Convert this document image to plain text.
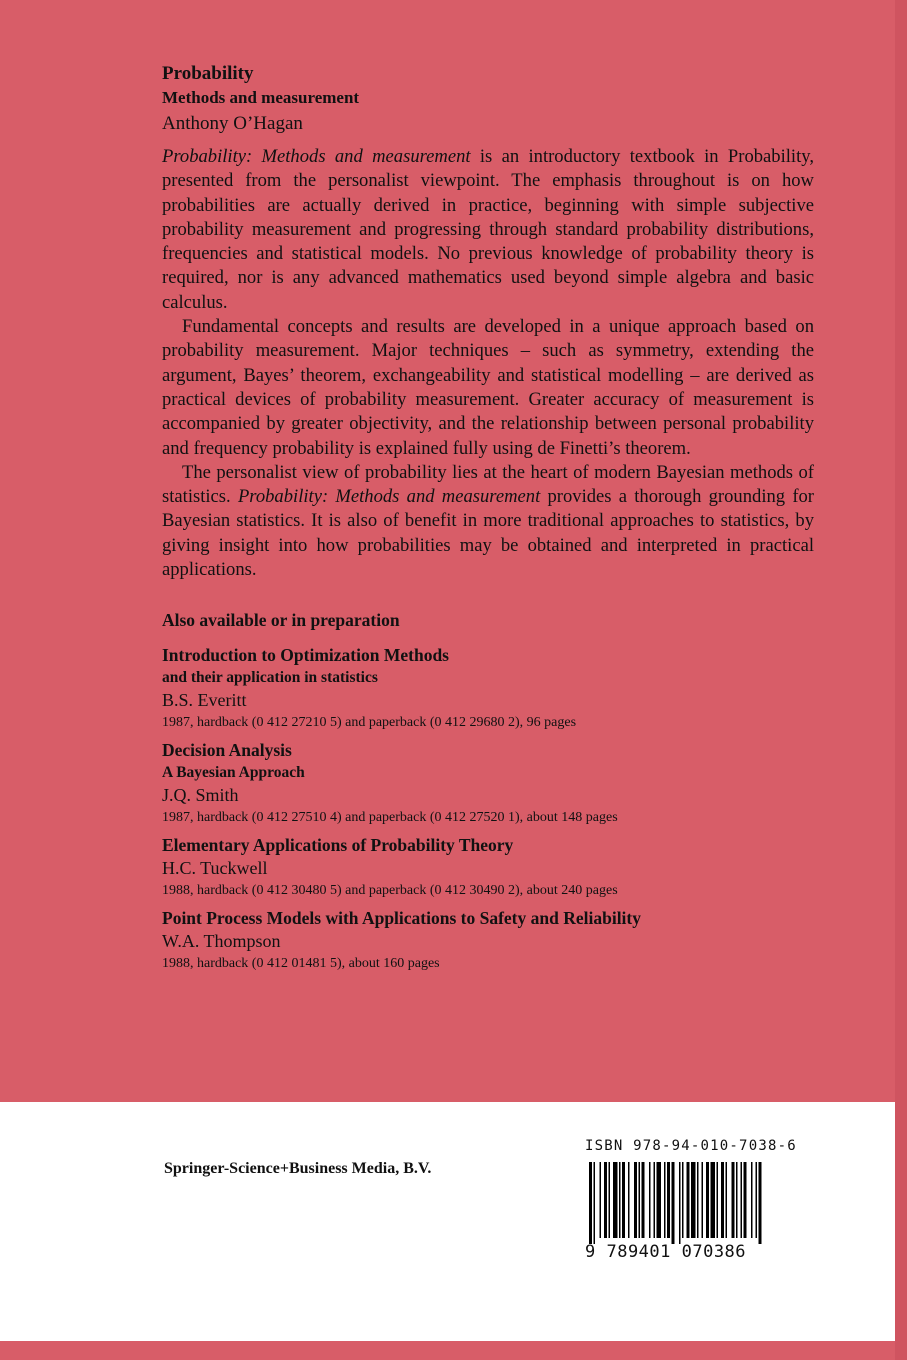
Probability
Methods and measurement
Anthony O’Hagan

Probability: Methods and measurement is an introductory textbook in Probability, presented from the personalist viewpoint. The emphasis throughout is on how probabilities are actually derived in practice, beginning with simple subjective probability measurement and progressing through standard probability distributions, frequencies and statistical models. No previous knowledge of probability theory is required, nor is any advanced mathematics used beyond simple algebra and basic calculus.

Fundamental concepts and results are developed in a unique approach based on probability measurement. Major techniques – such as symmetry, extending the argument, Bayes’ theorem, exchangeability and statistical modelling – are derived as practical devices of probability measurement. Greater accuracy of measurement is accompanied by greater objectivity, and the relationship between personal probability and frequency probability is explained fully using de Finetti’s theorem.

The personalist view of probability lies at the heart of modern Bayesian methods of statistics. Probability: Methods and measurement provides a thorough grounding for Bayesian statistics. It is also of benefit in more traditional approaches to statistics, by giving insight into how probabilities may be obtained and interpreted in practical applications.

Also available or in preparation
Introduction to Optimization Methods
and their application in statistics
B.S. Everitt
1987, hardback (0 412 27210 5) and paperback (0 412 29680 2), 96 pages
Decision Analysis
A Bayesian Approach
J.Q. Smith
1987, hardback (0 412 27510 4) and paperback (0 412 27520 1), about 148 pages
Elementary Applications of Probability Theory
H.C. Tuckwell
1988, hardback (0 412 30480 5) and paperback (0 412 30490 2), about 240 pages
Point Process Models with Applications to Safety and Reliability
W.A. Thompson
1988, hardback (0 412 01481 5), about 160 pages
Springer-Science+Business Media, B.V.
ISBN 978-94-010-7038-6
9 789401 070386
